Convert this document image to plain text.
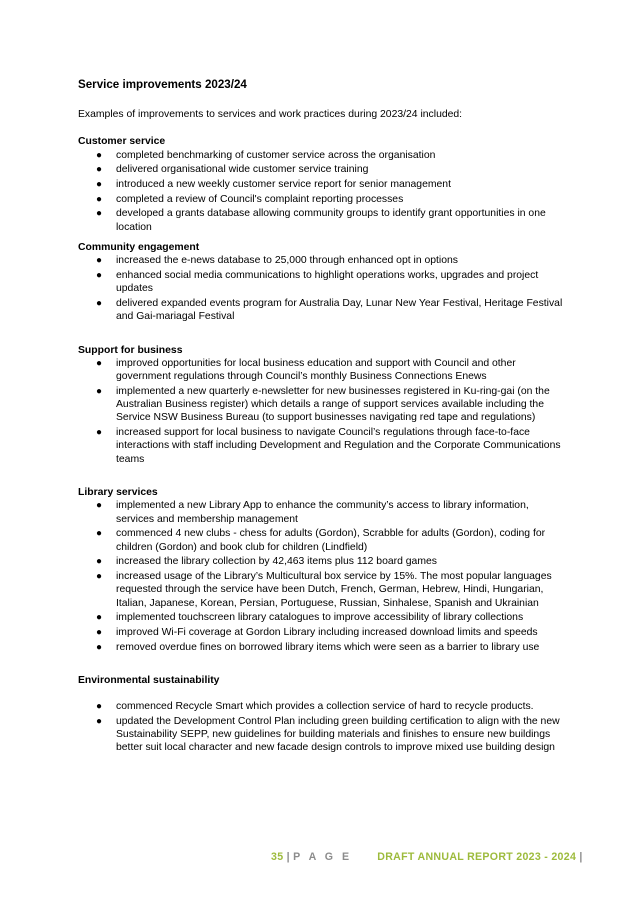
Service improvements 2023/24

Examples of improvements to services and work practices during 2023/24 included:

Customer service
● completed benchmarking of customer service across the organisation
● delivered organisational wide customer service training
● introduced a new weekly customer service report for senior management
● completed a review of Council's complaint reporting processes
● developed a grants database allowing community groups to identify grant opportunities in one location
Community engagement
● increased the e-news database to 25,000 through enhanced opt in options
● enhanced social media communications to highlight operations works, upgrades and project updates
● delivered expanded events program for Australia Day, Lunar New Year Festival, Heritage Festival and Gai-mariagal Festival
Support for business
● improved opportunities for local business education and support with Council and other government regulations through Council’s monthly Business Connections Enews
● implemented a new quarterly e-newsletter for new businesses registered in Ku-ring-gai (on the Australian Business register) which details a range of support services available including the Service NSW Business Bureau (to support businesses navigating red tape and regulations)
● increased support for local business to navigate Council’s regulations through face-to-face interactions with staff including Development and Regulation and the Corporate Communications teams
Library services
● implemented a new Library App to enhance the community’s access to library information, services and membership management
● commenced 4 new clubs - chess for adults (Gordon), Scrabble for adults (Gordon), coding for children (Gordon) and book club for children (Lindfield)
● increased the library collection by 42,463 items plus 112 board games
● increased usage of the Library’s Multicultural box service by 15%. The most popular languages requested through the service have been Dutch, French, German, Hebrew, Hindi, Hungarian, Italian, Japanese, Korean, Persian, Portuguese, Russian, Sinhalese, Spanish and Ukrainian
● implemented touchscreen library catalogues to improve accessibility of library collections
● improved Wi-Fi coverage at Gordon Library including increased download limits and speeds
● removed overdue fines on borrowed library items which were seen as a barrier to library use
Environmental sustainability
● commenced Recycle Smart which provides a collection service of hard to recycle products.
● updated the Development Control Plan including green building certification to align with the new Sustainability SEPP, new guidelines for building materials and finishes to ensure new buildings better suit local character and new facade design controls to improve mixed use building design
35 | P A G E DRAFT ANNUAL REPORT 2023 - 2024 |
